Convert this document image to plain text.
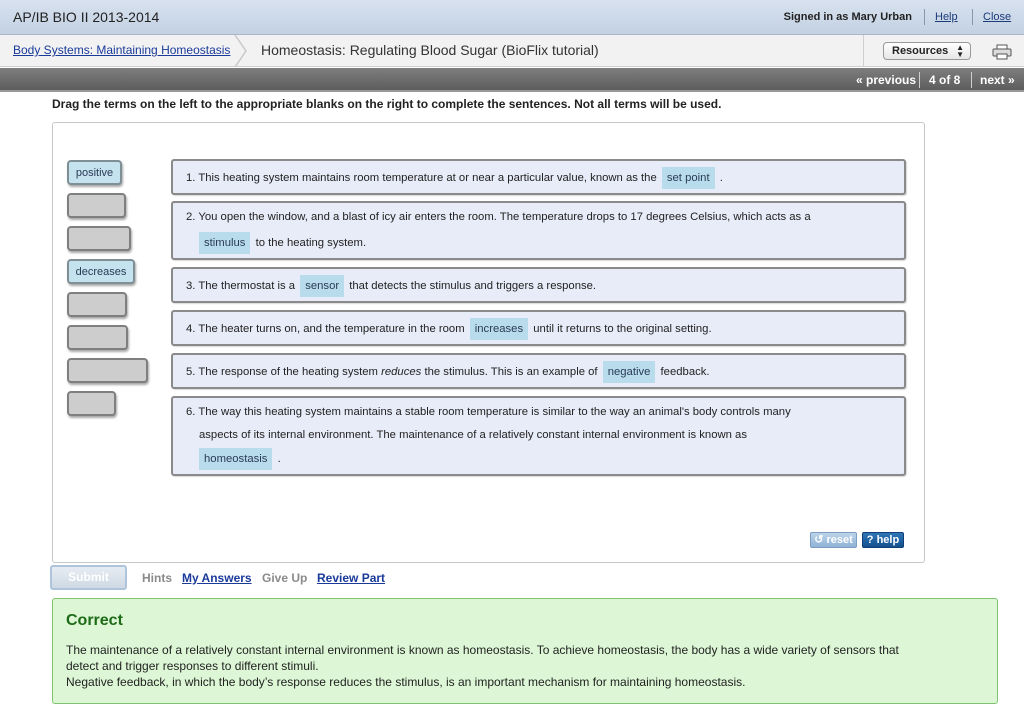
AP/IB BIO II 2013-2014	Signed in as Mary Urban Help Close
Body Systems: Maintaining Homeostasis Homeostasis: Regulating Blood Sugar (BioFlix tutorial)	Resources ▲
▼
« previous 4 of 8 next »
Drag the terms on the left to the appropriate blanks on the right to complete the sentences. Not all terms will be used.
positive
decreases
1. This heating system maintains room temperature at or near a particular value, known as the set point .
2. You open the window, and a blast of icy air enters the room. The temperature drops to 17 degrees Celsius, which acts as a
stimulus to the heating system.
3. The thermostat is a sensor that detects the stimulus and triggers a response.
4. The heater turns on, and the temperature in the room increases until it returns to the original setting.
5. The response of the heating system reduces the stimulus. This is an example of negative feedback.
6. The way this heating system maintains a stable room temperature is similar to the way an animal's body controls many
aspects of its internal environment. The maintenance of a relatively constant internal environment is known as
homeostasis .
↺ reset	? help
Submit	Hints My Answers Give Up Review Part
Correct
The maintenance of a relatively constant internal environment is known as homeostasis. To achieve homeostasis, the body has a wide variety of sensors that
detect and trigger responses to different stimuli.
Negative feedback, in which the body’s response reduces the stimulus, is an important mechanism for maintaining homeostasis.
